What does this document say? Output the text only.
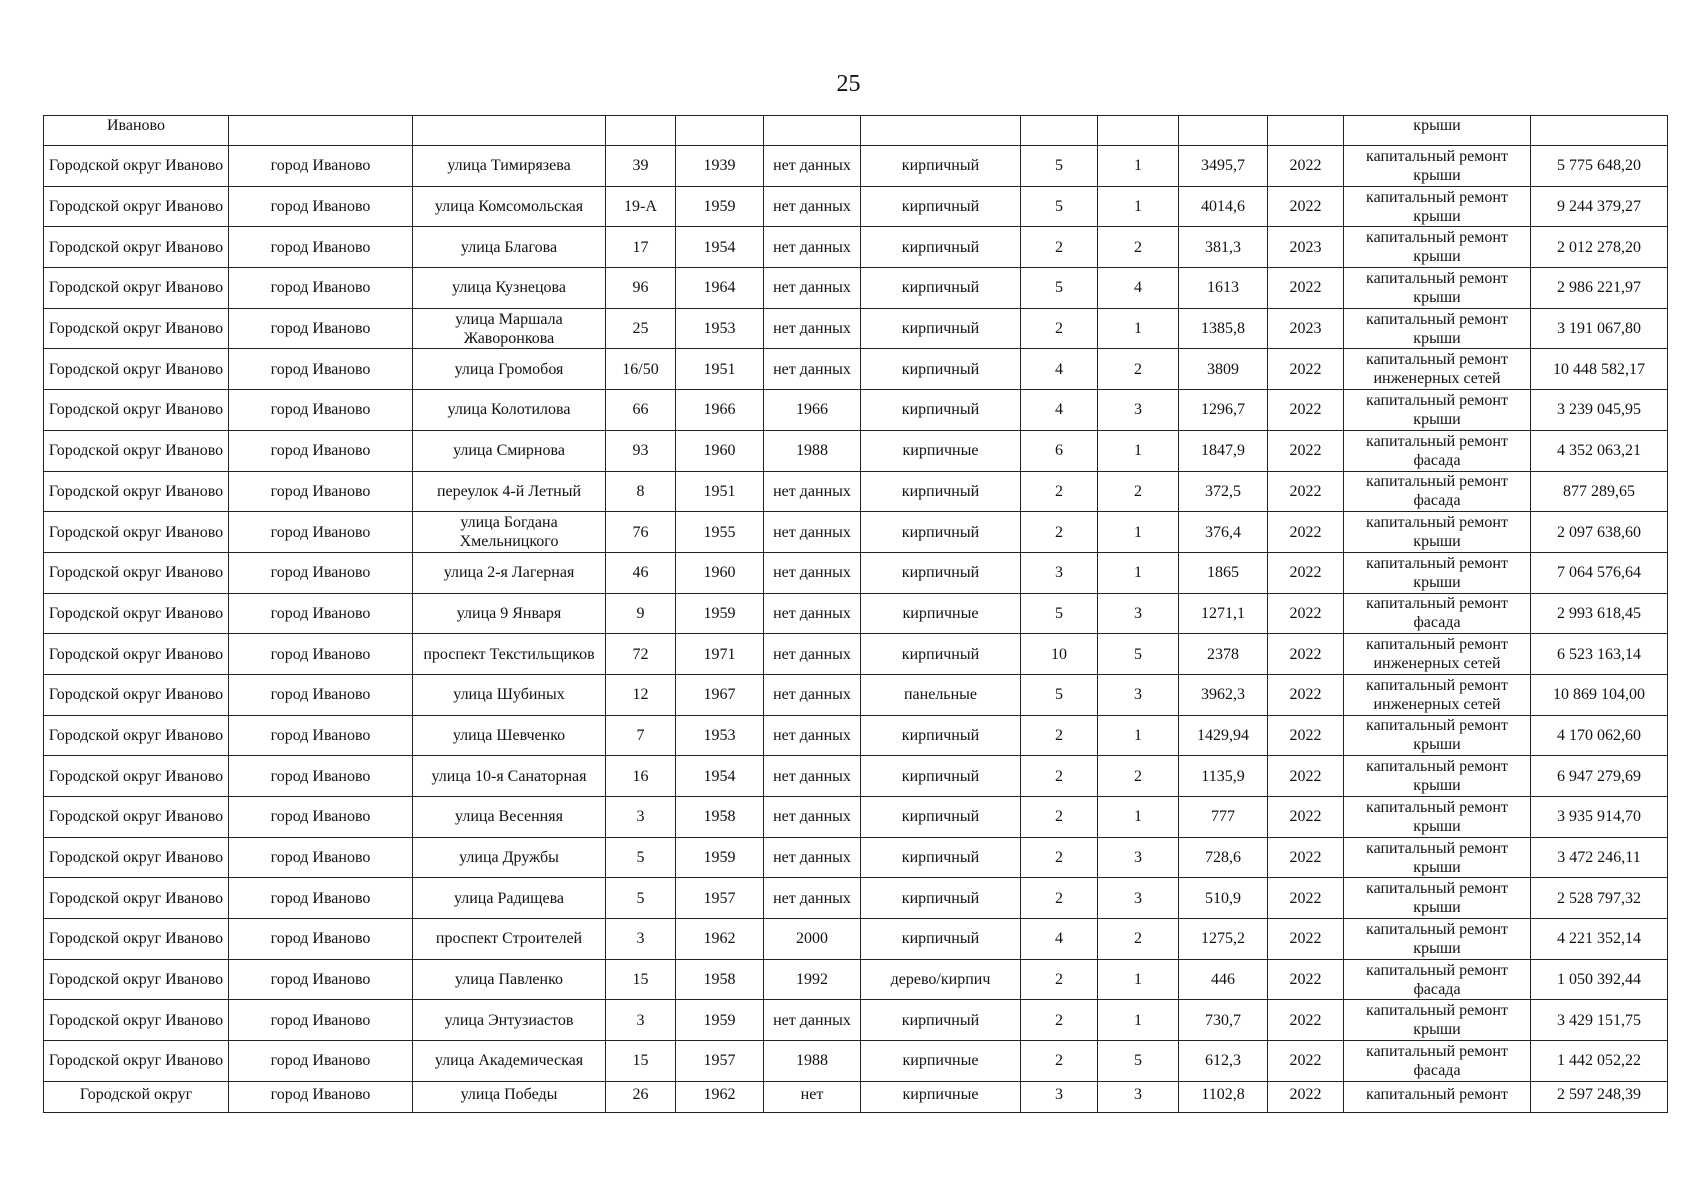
25
Иваново											крыши	
Городской округ Иваново	город Иваново	улица Тимирязева	39	1939	нет данных	кирпичный	5	1	3495,7	2022	капитальный ремонт крыши	5 775 648,20
Городской округ Иваново	город Иваново	улица Комсомольская	19-А	1959	нет данных	кирпичный	5	1	4014,6	2022	капитальный ремонт крыши	9 244 379,27
Городской округ Иваново	город Иваново	улица Благова	17	1954	нет данных	кирпичный	2	2	381,3	2023	капитальный ремонт крыши	2 012 278,20
Городской округ Иваново	город Иваново	улица Кузнецова	96	1964	нет данных	кирпичный	5	4	1613	2022	капитальный ремонт крыши	2 986 221,97
Городской округ Иваново	город Иваново	улица Маршала Жаворонкова	25	1953	нет данных	кирпичный	2	1	1385,8	2023	капитальный ремонт крыши	3 191 067,80
Городской округ Иваново	город Иваново	улица Громобоя	16/50	1951	нет данных	кирпичный	4	2	3809	2022	капитальный ремонт инженерных сетей	10 448 582,17
Городской округ Иваново	город Иваново	улица Колотилова	66	1966	1966	кирпичный	4	3	1296,7	2022	капитальный ремонт крыши	3 239 045,95
Городской округ Иваново	город Иваново	улица Смирнова	93	1960	1988	кирпичные	6	1	1847,9	2022	капитальный ремонт фасада	4 352 063,21
Городской округ Иваново	город Иваново	переулок 4-й Летный	8	1951	нет данных	кирпичный	2	2	372,5	2022	капитальный ремонт фасада	877 289,65
Городской округ Иваново	город Иваново	улица Богдана Хмельницкого	76	1955	нет данных	кирпичный	2	1	376,4	2022	капитальный ремонт крыши	2 097 638,60
Городской округ Иваново	город Иваново	улица 2-я Лагерная	46	1960	нет данных	кирпичный	3	1	1865	2022	капитальный ремонт крыши	7 064 576,64
Городской округ Иваново	город Иваново	улица 9 Января	9	1959	нет данных	кирпичные	5	3	1271,1	2022	капитальный ремонт фасада	2 993 618,45
Городской округ Иваново	город Иваново	проспект Текстильщиков	72	1971	нет данных	кирпичный	10	5	2378	2022	капитальный ремонт инженерных сетей	6 523 163,14
Городской округ Иваново	город Иваново	улица Шубиных	12	1967	нет данных	панельные	5	3	3962,3	2022	капитальный ремонт инженерных сетей	10 869 104,00
Городской округ Иваново	город Иваново	улица Шевченко	7	1953	нет данных	кирпичный	2	1	1429,94	2022	капитальный ремонт крыши	4 170 062,60
Городской округ Иваново	город Иваново	улица 10-я Санаторная	16	1954	нет данных	кирпичный	2	2	1135,9	2022	капитальный ремонт крыши	6 947 279,69
Городской округ Иваново	город Иваново	улица Весенняя	3	1958	нет данных	кирпичный	2	1	777	2022	капитальный ремонт крыши	3 935 914,70
Городской округ Иваново	город Иваново	улица Дружбы	5	1959	нет данных	кирпичный	2	3	728,6	2022	капитальный ремонт крыши	3 472 246,11
Городской округ Иваново	город Иваново	улица Радищева	5	1957	нет данных	кирпичный	2	3	510,9	2022	капитальный ремонт крыши	2 528 797,32
Городской округ Иваново	город Иваново	проспект Строителей	3	1962	2000	кирпичный	4	2	1275,2	2022	капитальный ремонт крыши	4 221 352,14
Городской округ Иваново	город Иваново	улица Павленко	15	1958	1992	дерево/кирпич	2	1	446	2022	капитальный ремонт фасада	1 050 392,44
Городской округ Иваново	город Иваново	улица Энтузиастов	3	1959	нет данных	кирпичный	2	1	730,7	2022	капитальный ремонт крыши	3 429 151,75
Городской округ Иваново	город Иваново	улица Академическая	15	1957	1988	кирпичные	2	5	612,3	2022	капитальный ремонт фасада	1 442 052,22
Городской округ	город Иваново	улица Победы	26	1962	нет	кирпичные	3	3	1102,8	2022	капитальный ремонт	2 597 248,39
